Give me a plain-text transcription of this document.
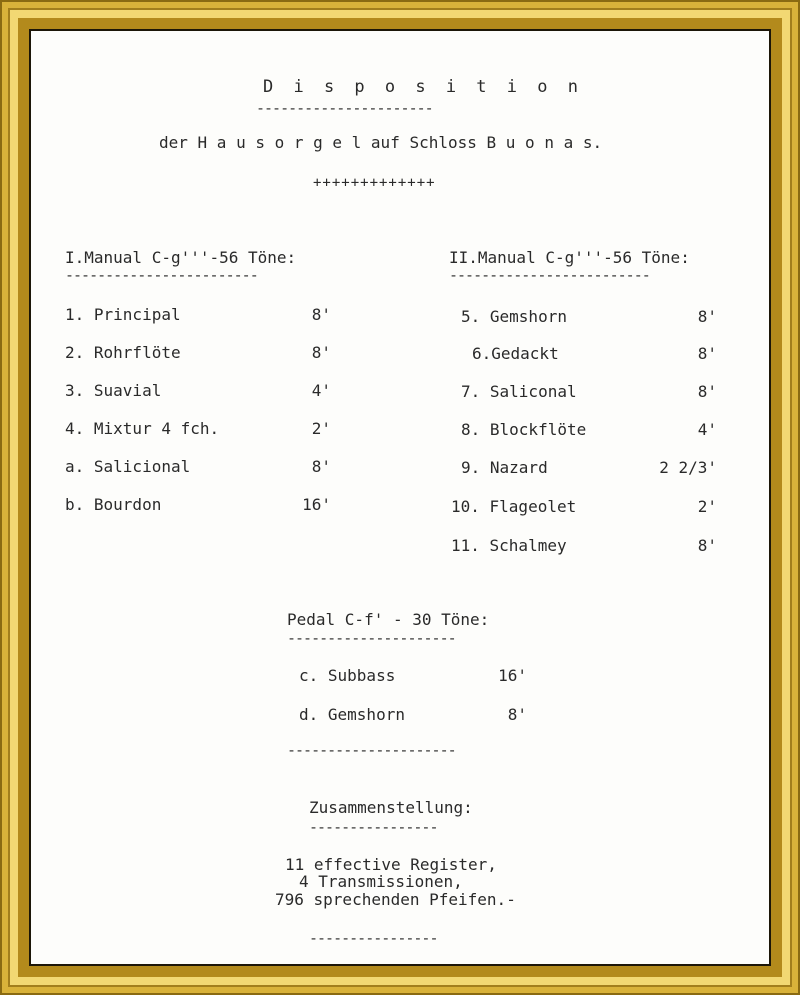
D i s p o s i t i o n
----------------------
der H a u s o r g e l auf Schloss B u o n a s.
+++++++++++++
I.Manual C-g'''-56 Töne:
------------------------
1. Principal	8'
2. Rohrflöte	8'
3. Suavial	4'
4. Mixtur 4 fch.	2'
a. Salicional	8'
b. Bourdon	16'
II.Manual C-g'''-56 Töne:
-------------------------
5. Gemshorn	8'
6.Gedackt	8'
7. Saliconal	8'
8. Blockflöte	4'
9. Nazard	2 2/3'
10. Flageolet	2'
11. Schalmey	8'
Pedal C-f' - 30 Töne:
---------------------
c. Subbass	16'
d. Gemshorn	8'
---------------------
Zusammenstellung:
----------------
11 effective Register,
4 Transmissionen,
796 sprechenden Pfeifen.-
----------------
